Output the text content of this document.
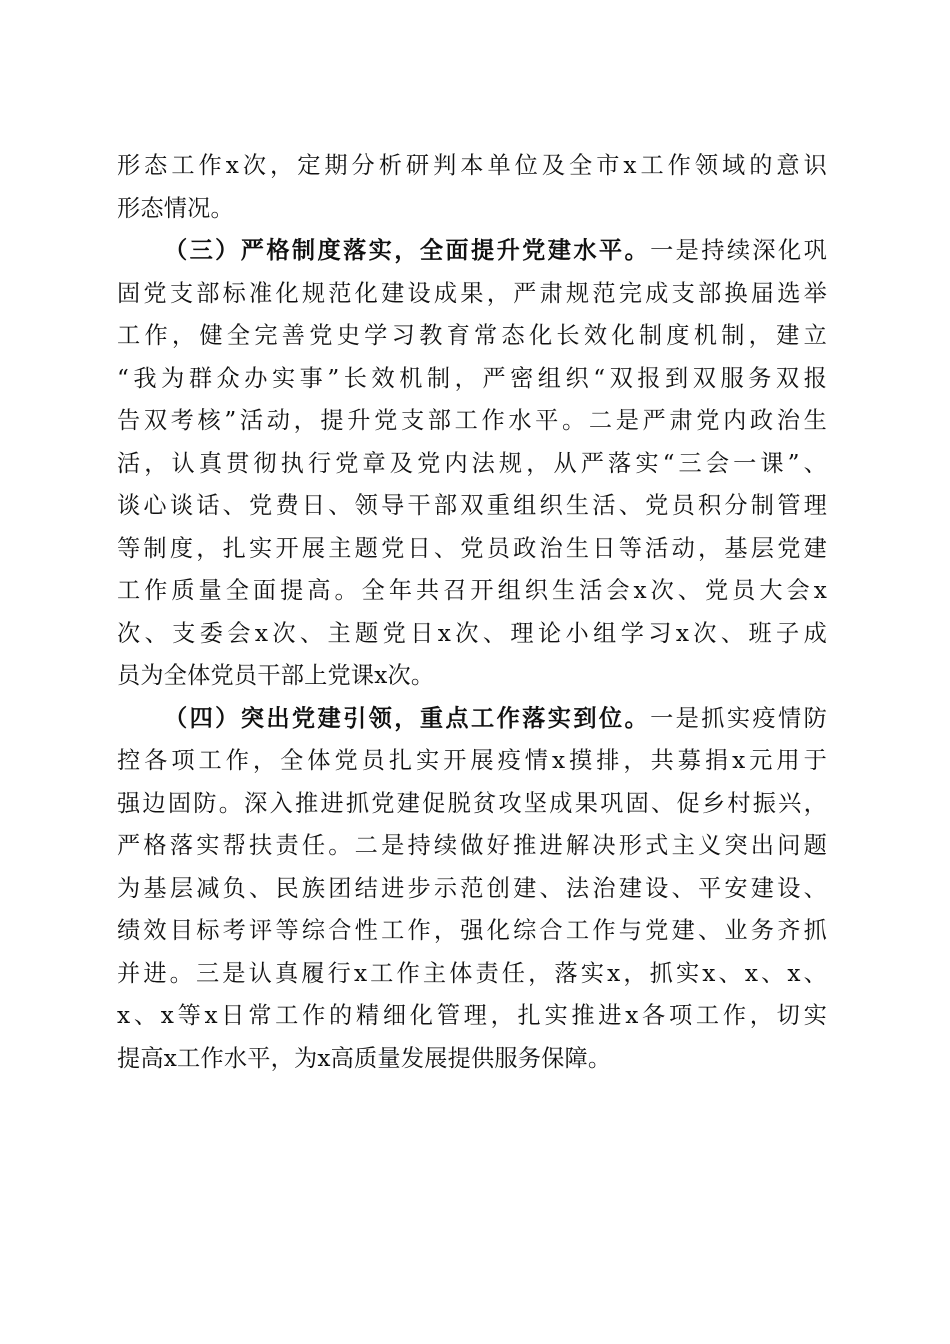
形态工作x次，定期分析研判本单位及全市x工作领域的意识
形态情况。
（三）严格制度落实，全面提升党建水平。一是持续深化巩
固党支部标准化规范化建设成果，严肃规范完成支部换届选举
工作，健全完善党史学习教育常态化长效化制度机制，建立
“我为群众办实事”长效机制，严密组织“双报到双服务双报
告双考核”活动，提升党支部工作水平。二是严肃党内政治生
活，认真贯彻执行党章及党内法规，从严落实“三会一课”、
谈心谈话、党费日、领导干部双重组织生活、党员积分制管理
等制度，扎实开展主题党日、党员政治生日等活动，基层党建
工作质量全面提高。全年共召开组织生活会x次、党员大会x
次、支委会x次、主题党日x次、理论小组学习x次、班子成
员为全体党员干部上党课x次。
（四）突出党建引领，重点工作落实到位。一是抓实疫情防
控各项工作，全体党员扎实开展疫情x摸排，共募捐x元用于
强边固防。深入推进抓党建促脱贫攻坚成果巩固、促乡村振兴，
严格落实帮扶责任。二是持续做好推进解决形式主义突出问题
为基层减负、民族团结进步示范创建、法治建设、平安建设、
绩效目标考评等综合性工作，强化综合工作与党建、业务齐抓
并进。三是认真履行x工作主体责任，落实x，抓实x、x、x、
x、x等x日常工作的精细化管理，扎实推进x各项工作，切实
提高x工作水平，为x高质量发展提供服务保障。
